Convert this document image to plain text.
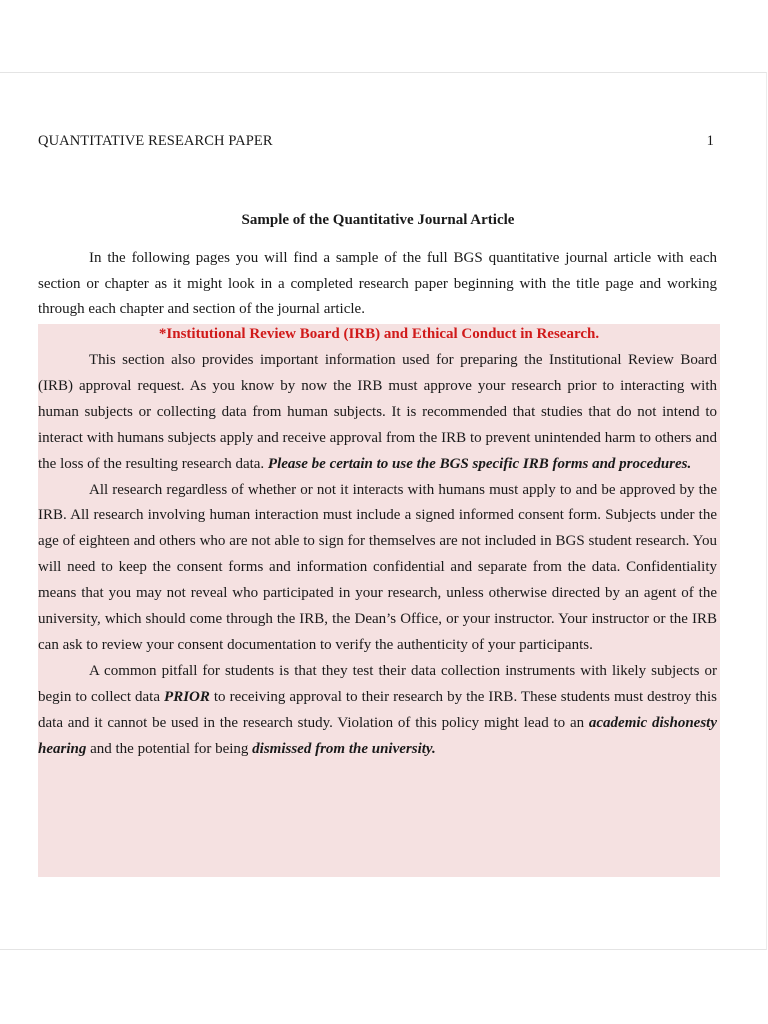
QUANTITATIVE RESEARCH PAPER	1
Sample of the Quantitative Journal Article

In the following pages you will find a sample of the full BGS quantitative journal article with each section or chapter as it might look in a completed research paper beginning with the title page and working through each chapter and section of the journal article.

*Institutional Review Board (IRB) and Ethical Conduct in Research.

This section also provides important information used for preparing the Institutional Review Board (IRB) approval request. As you know by now the IRB must approve your research prior to interacting with human subjects or collecting data from human subjects. It is recommended that studies that do not intend to interact with humans subjects apply and receive approval from the IRB to prevent unintended harm to others and the loss of the resulting research data. Please be certain to use the BGS specific IRB forms and procedures.

All research regardless of whether or not it interacts with humans must apply to and be approved by the IRB. All research involving human interaction must include a signed informed consent form. Subjects under the age of eighteen and others who are not able to sign for themselves are not included in BGS student research. You will need to keep the consent forms and information confidential and separate from the data. Confidentiality means that you may not reveal who participated in your research, unless otherwise directed by an agent of the university, which should come through the IRB, the Dean’s Office, or your instructor. Your instructor or the IRB can ask to review your consent documentation to verify the authenticity of your participants.

A common pitfall for students is that they test their data collection instruments with likely subjects or begin to collect data PRIOR to receiving approval to their research by the IRB. These students must destroy this data and it cannot be used in the research study. Violation of this policy might lead to an academic dishonesty hearing and the potential for being dismissed from the university.
